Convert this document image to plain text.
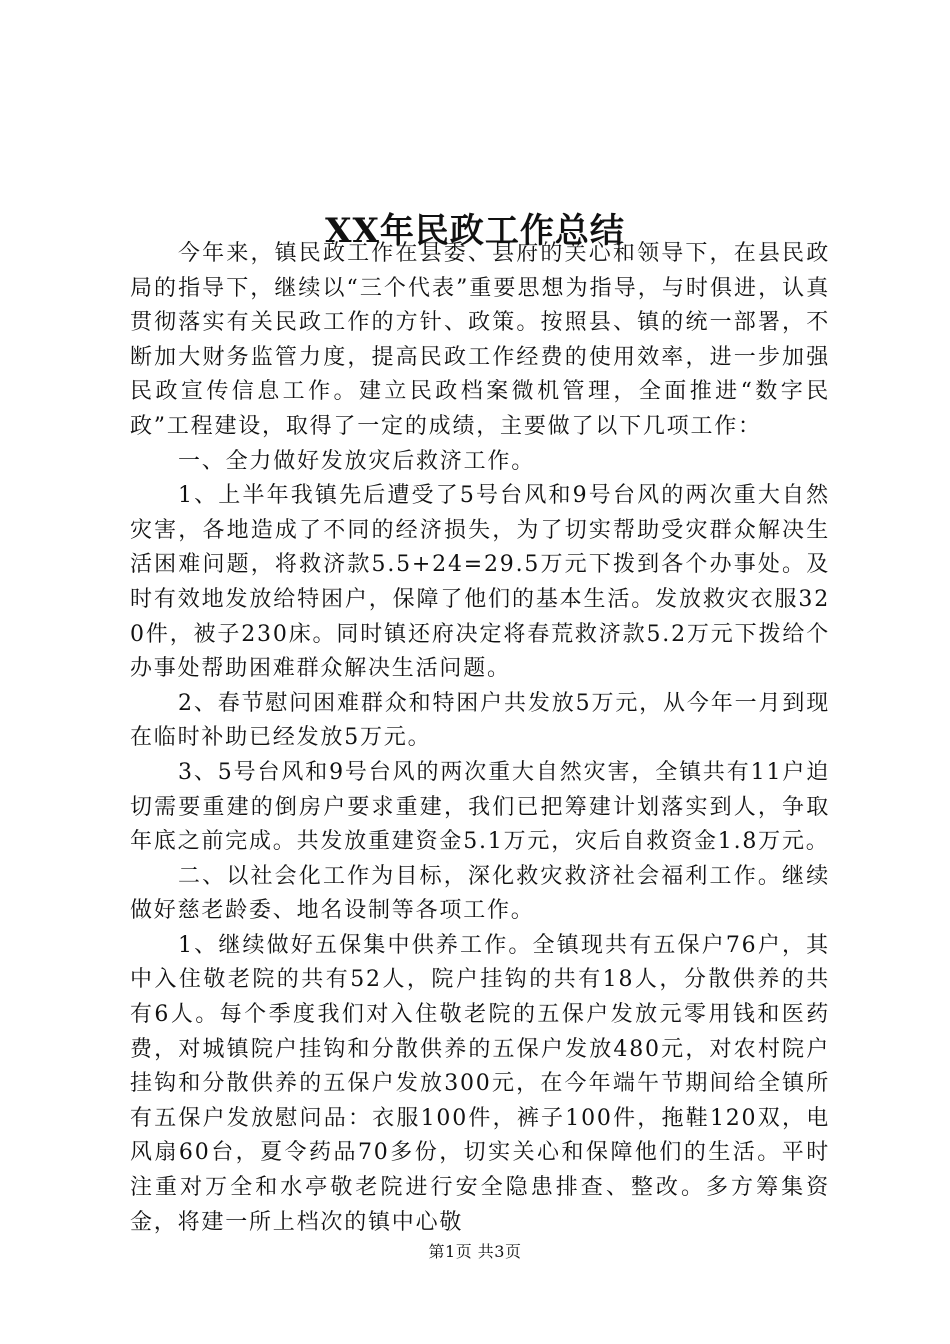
XX年民政工作总结

今年来，镇民政工作在县委、县府的关心和领导下，在县民政局的指导下，继续以“三个代表”重要思想为指导，与时俱进，认真贯彻落实有关民政工作的方针、政策。按照县、镇的统一部署，不断加大财务监管力度，提高民政工作经费的使用效率，进一步加强民政宣传信息工作。建立民政档案微机管理，全面推进“数字民政”工程建设，取得了一定的成绩，主要做了以下几项工作：

一、全力做好发放灾后救济工作。

1、上半年我镇先后遭受了5号台风和9号台风的两次重大自然灾害，各地造成了不同的经济损失，为了切实帮助受灾群众解决生活困难问题，将救济款5.5+24=29.5万元下拨到各个办事处。及时有效地发放给特困户，保障了他们的基本生活。发放救灾衣服320件，被子230床。同时镇还府决定将春荒救济款5.2万元下拨给个办事处帮助困难群众解决生活问题。

2、春节慰问困难群众和特困户共发放5万元，从今年一月到现在临时补助已经发放5万元。

3、5号台风和9号台风的两次重大自然灾害，全镇共有11户迫切需要重建的倒房户要求重建，我们已把筹建计划落实到人，争取年底之前完成。共发放重建资金5.1万元，灾后自救资金1.8万元。

二、以社会化工作为目标，深化救灾救济社会福利工作。继续做好慈老龄委、地名设制等各项工作。

1、继续做好五保集中供养工作。全镇现共有五保户76户，其中入住敬老院的共有52人，院户挂钩的共有18人，分散供养的共有6人。每个季度我们对入住敬老院的五保户发放元零用钱和医药费，对城镇院户挂钩和分散供养的五保户发放480元，对农村院户挂钩和分散供养的五保户发放300元，在今年端午节期间给全镇所有五保户发放慰问品：衣服100件，裤子100件，拖鞋120双，电风扇60台，夏令药品70多份，切实关心和保障他们的生活。平时注重对万全和水亭敬老院进行安全隐患排查、整改。多方筹集资金，将建一所上档次的镇中心敬

第1页 共3页
